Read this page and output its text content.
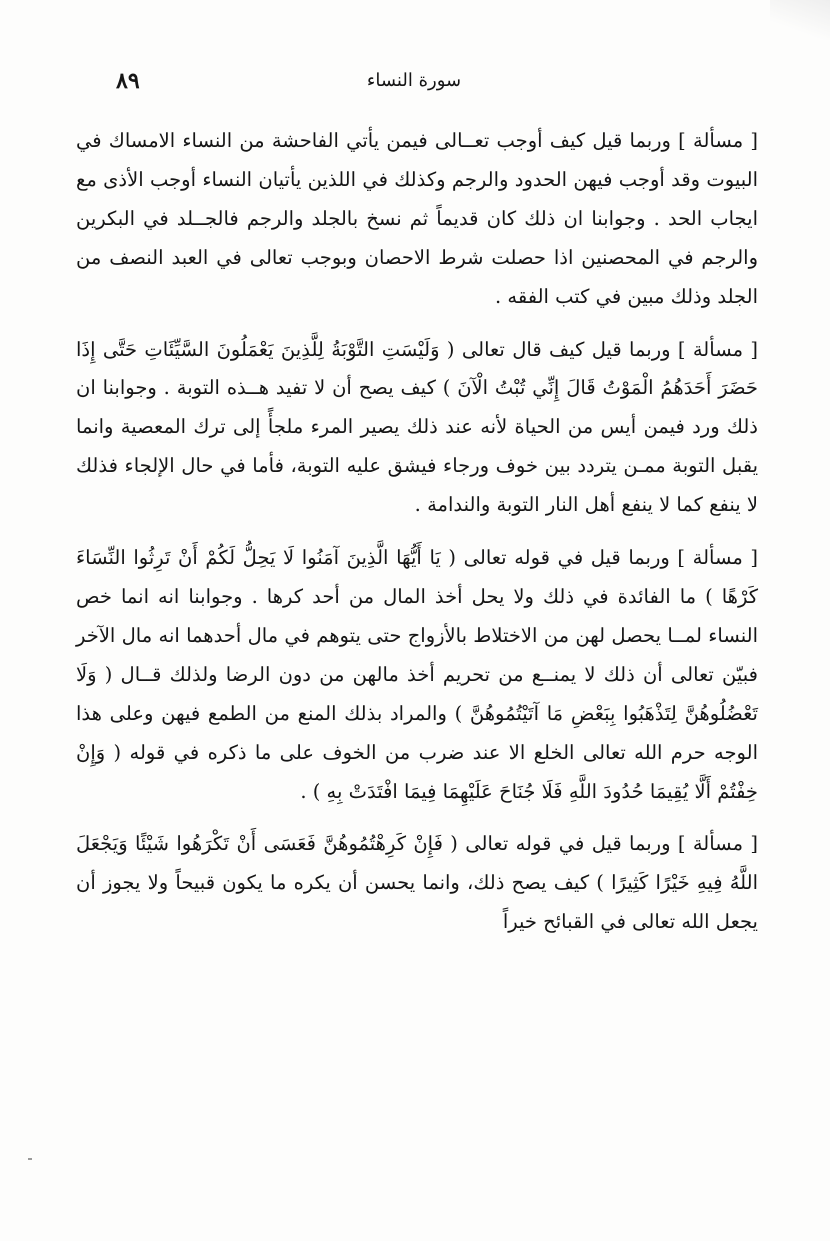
٨٩	سورة النساء

[ مسألة ] وربما قيل كيف أوجب تعــالى فيمن يأتي الفاحشة من النساء الامساك في البيوت وقد أوجب فيهن الحدود والرجم وكذلك في اللذين يأتيان النساء أوجب الأذى مع ايجاب الحد . وجوابنا ان ذلك كان قديماً ثم نسخ بالجلد والرجم فالجــلد في البكرين والرجم في المحصنين اذا حصلت شرط الاحصان وبوجب تعالى في العبد النصف من الجلد وذلك مبين في كتب الفقه .

[ مسألة ] وربما قيل كيف قال تعالى ( وَلَيْسَتِ التَّوْبَةُ لِلَّذِينَ يَعْمَلُونَ السَّيِّئَاتِ حَتَّى إِذَا حَضَرَ أَحَدَهُمُ الْمَوْتُ قَالَ إِنِّي تُبْتُ الْآنَ ) كيف يصح أن لا تفيد هــذه التوبة . وجوابنا ان ذلك ورد فيمن أيس من الحياة لأنه عند ذلك يصير المرء ملجأً إلى ترك المعصية وانما يقبل التوبة ممـن يتردد بين خوف ورجاء فيشق عليه التوبة، فأما في حال الإلجاء فذلك لا ينفع كما لا ينفع أهل النار التوبة والندامة .

[ مسألة ] وربما قيل في قوله تعالى ( يَا أَيُّهَا الَّذِينَ آمَنُوا لَا يَحِلُّ لَكُمْ أَنْ تَرِثُوا النِّسَاءَ كَرْهًا ) ما الفائدة في ذلك ولا يحل أخذ المال من أحد كرها . وجوابنا انه انما خص النساء لمــا يحصل لهن من الاختلاط بالأزواج حتى يتوهم في مال أحدهما انه مال الآخر فبيّن تعالى أن ذلك لا يمنــع من تحريم أخذ مالهن من دون الرضا ولذلك قــال ( وَلَا تَعْضُلُوهُنَّ لِتَذْهَبُوا بِبَعْضِ مَا آتَيْتُمُوهُنَّ ) والمراد بذلك المنع من الطمع فيهن وعلى هذا الوجه حرم الله تعالى الخلع الا عند ضرب من الخوف على ما ذكره في قوله ( وَإِنْ خِفْتُمْ أَلَّا يُقِيمَا حُدُودَ اللَّهِ فَلَا جُنَاحَ عَلَيْهِمَا فِيمَا افْتَدَتْ بِهِ ) .

[ مسألة ] وربما قيل في قوله تعالى ( فَإِنْ كَرِهْتُمُوهُنَّ فَعَسَى أَنْ تَكْرَهُوا شَيْئًا وَيَجْعَلَ اللَّهُ فِيهِ خَيْرًا كَثِيرًا ) كيف يصح ذلك، وانما يحسن أن يكره ما يكون قبيحاً ولا يجوز أن يجعل الله تعالى في القبائح خيراً
